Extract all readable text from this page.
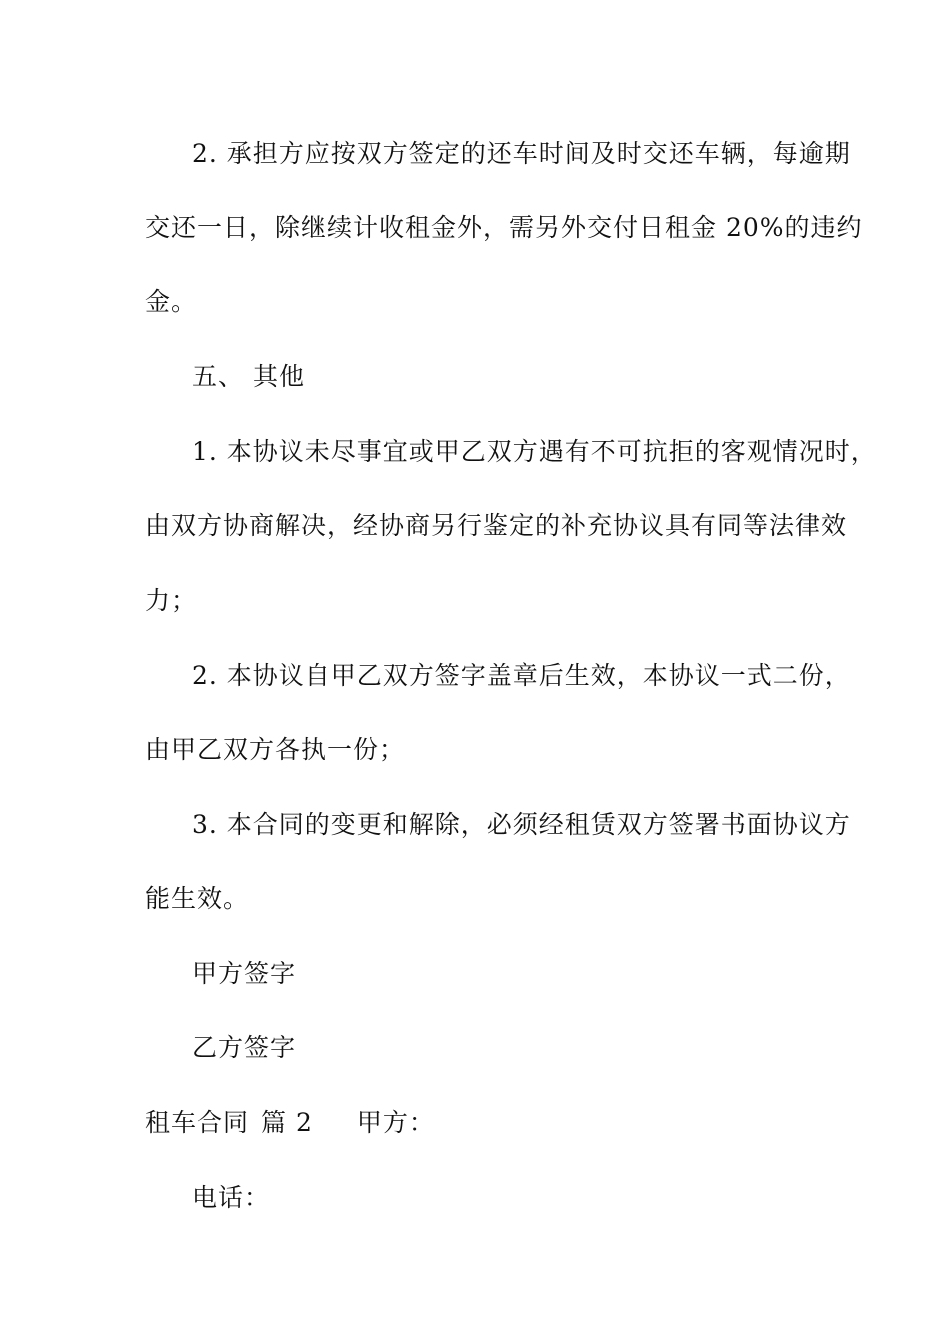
2. 承担方应按双方签定的还车时间及时交还车辆，每逾期
交还一日，除继续计收租金外，需另外交付日租金 20%的违约
金。
五、 其他
1. 本协议未尽事宜或甲乙双方遇有不可抗拒的客观情况时，
由双方协商解决，经协商另行鉴定的补充协议具有同等法律效
力；
2. 本协议自甲乙双方签字盖章后生效，本协议一式二份，
由甲乙双方各执一份；
3. 本合同的变更和解除，必须经租赁双方签署书面协议方
能生效。
甲方签字
乙方签字
租车合同 篇 2 甲方：
电话：
